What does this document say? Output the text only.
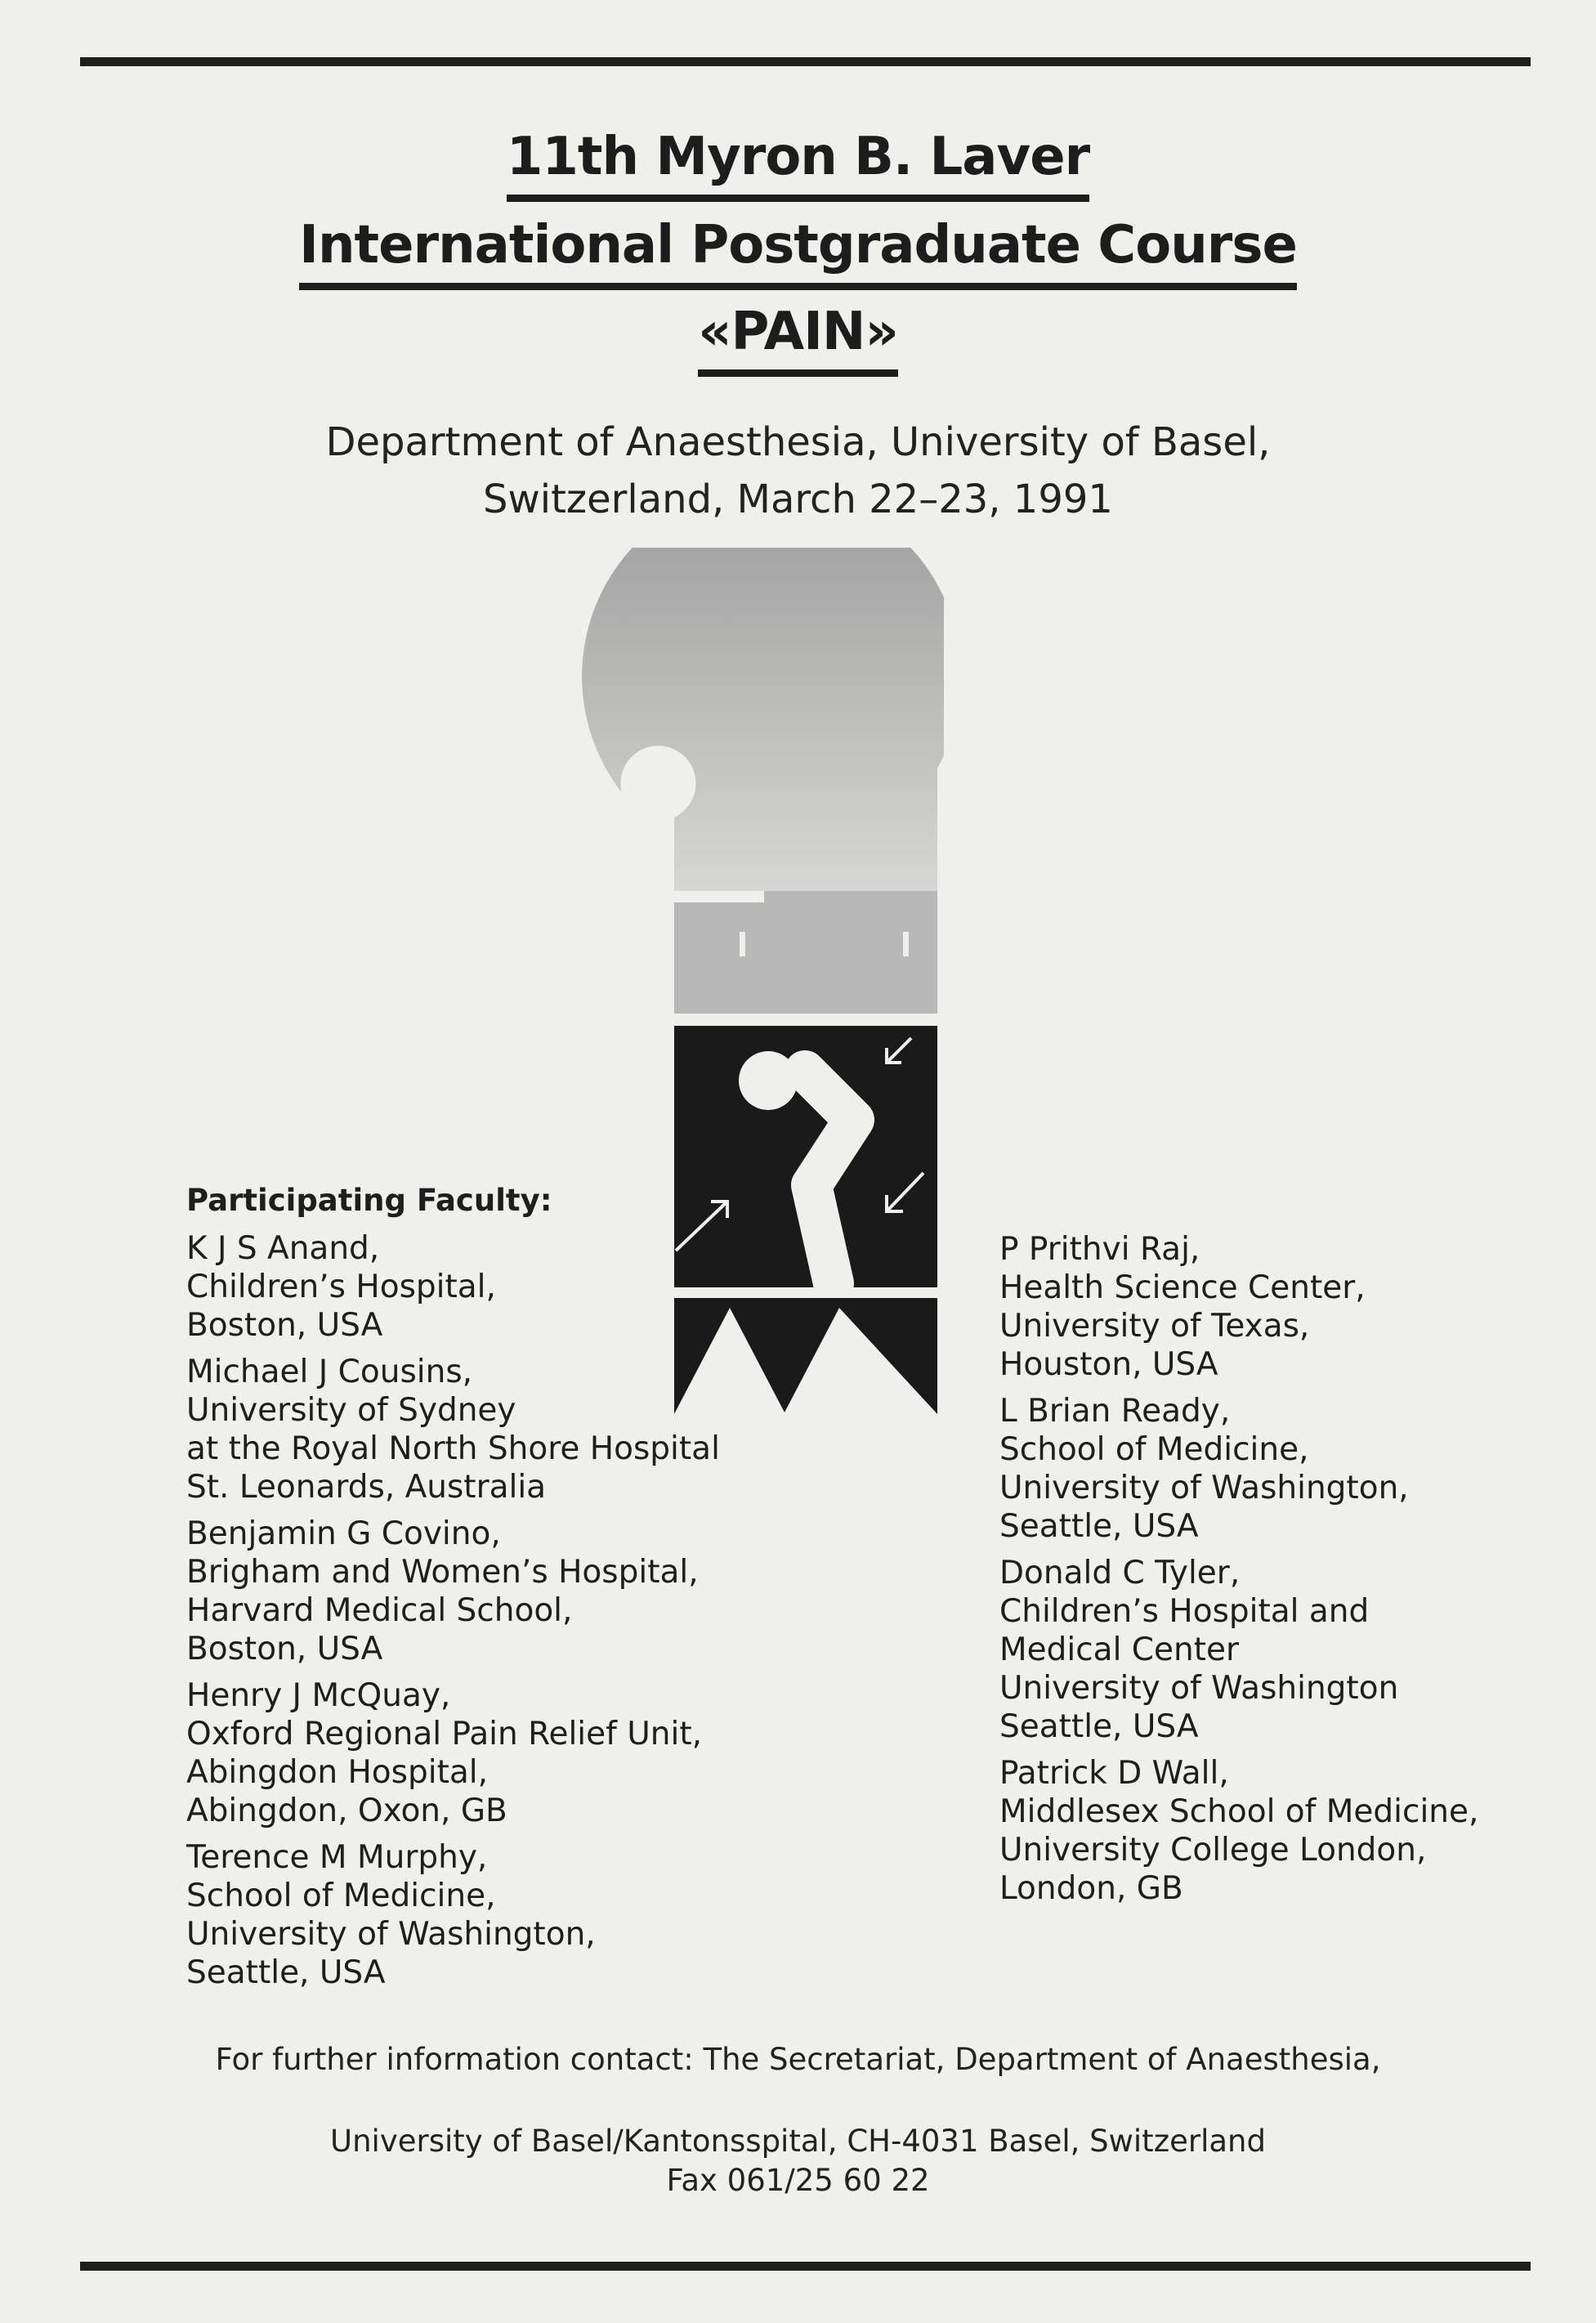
11th Myron B. Laver
International Postgraduate Course
«PAIN»
Department of Anaesthesia, University of Basel,
Switzerland, March 22–23, 1991
Participating Faculty:
K J S Anand,
Children’s Hospital,
Boston, USA
Michael J Cousins,
University of Sydney
at the Royal North Shore Hospital
St. Leonards, Australia
Benjamin G Covino,
Brigham and Women’s Hospital,
Harvard Medical School,
Boston, USA
Henry J McQuay,
Oxford Regional Pain Relief Unit,
Abingdon Hospital,
Abingdon, Oxon, GB
Terence M Murphy,
School of Medicine,
University of Washington,
Seattle, USA
P Prithvi Raj,
Health Science Center,
University of Texas,
Houston, USA
L Brian Ready,
School of Medicine,
University of Washington,
Seattle, USA
Donald C Tyler,
Children’s Hospital and
Medical Center
University of Washington
Seattle, USA
Patrick D Wall,
Middlesex School of Medicine,
University College London,
London, GB
For further information contact: The Secretariat, Department of Anaesthesia,
University of Basel/Kantonsspital, CH-4031 Basel, Switzerland
Fax 061/25 60 22
